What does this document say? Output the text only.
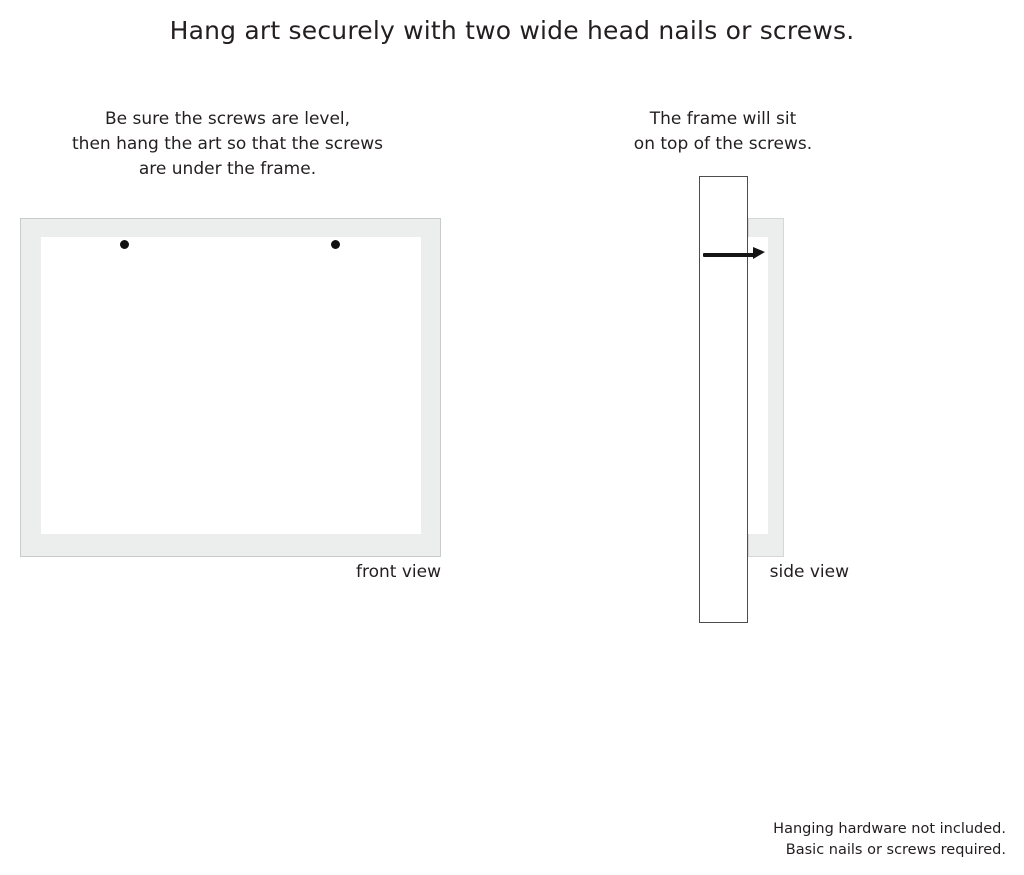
Hang art securely with two wide head nails or screws.
Be sure the screws are level,
then hang the art so that the screws
are under the frame.
The frame will sit
on top of the screws.
front view	side view
Hanging hardware not included.
Basic nails or screws required.
